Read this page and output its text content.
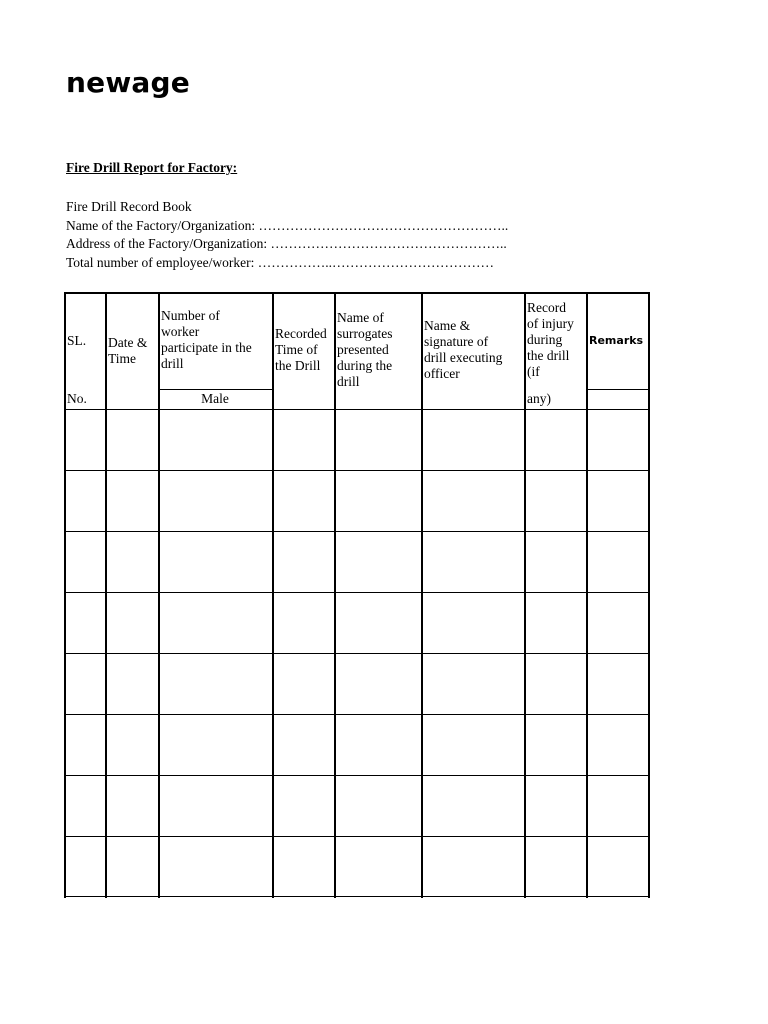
newage
Fire Drill Report for Factory:
Fire Drill Record Book
Name of the Factory/Organization: ………………………………………………..
Address of the Factory/Organization: ……………………………………………..
Total number of employee/worker: ……………..………………………………
SL.
No.
Date &
Time
Number of
worker
participate in the
drill
Male
Recorded
Time of
the Drill
Name of
surrogates
presented
during the
drill
Name &
signature of
drill executing
officer
Record
of injury
during
the drill
(if
any)
Remarks
